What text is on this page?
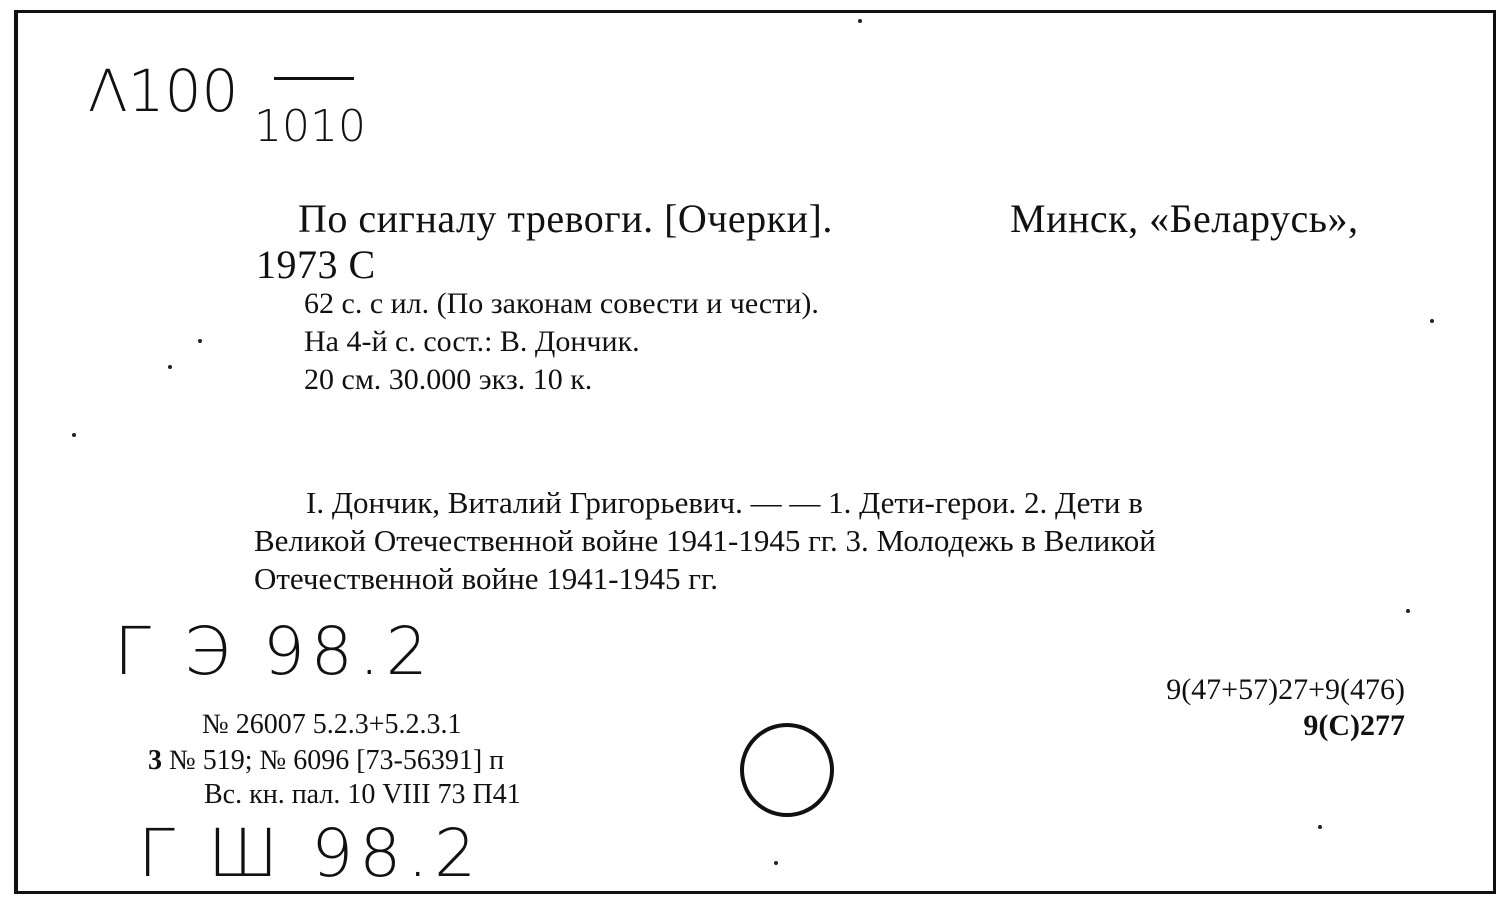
Λ100
1010
По сигналу тревоги. [Очерки].	Минск, «Беларусь»,
1973 С
62 с. с ил. (По законам совести и чести).
На 4-й с. сост.: В. Дончик.
20 см. 30.000 экз. 10 к.
I. Дончик, Виталий Григорьевич. — — 1. Дети-герои. 2. Дети в
Великой Отечественной войне 1941-1945 гг. 3. Молодежь в Великой
Отечественной войне 1941-1945 гг.
Г Э 98.2	9(47+57)27+9(476)
9(С)277
№ 26007 5.2.3+5.2.3.1
3 № 519; № 6096 [73-56391] п
Вс. кн. пал. 10 VIII 73 П41
Г Ш 98.2
